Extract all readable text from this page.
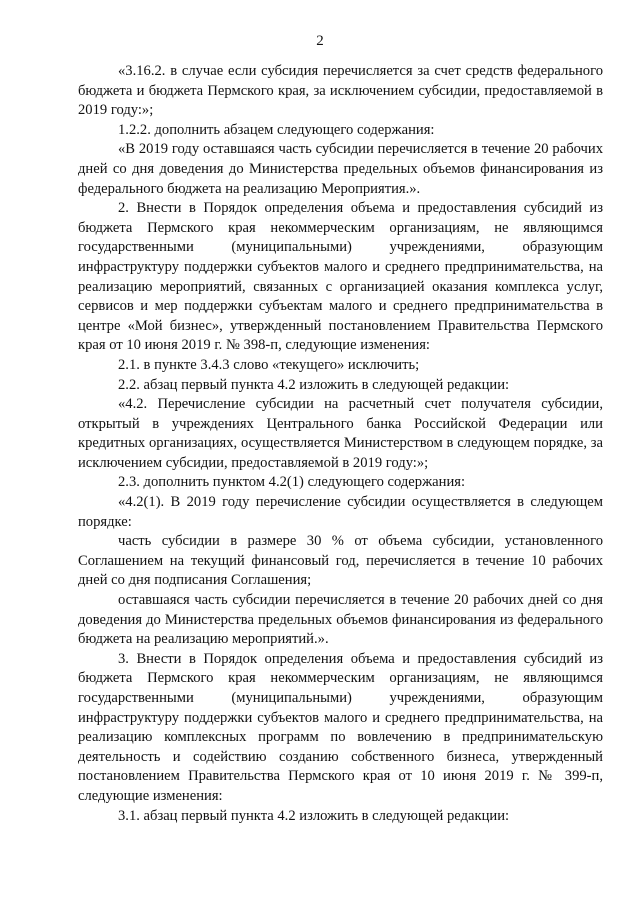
2

«3.16.2. в случае если субсидия перечисляется за счет средств федерального бюджета и бюджета Пермского края, за исключением субсидии, предоставляемой в 2019 году:»;

1.2.2. дополнить абзацем следующего содержания:

«В 2019 году оставшаяся часть субсидии перечисляется в течение 20 рабочих дней со дня доведения до Министерства предельных объемов финансирования из федерального бюджета на реализацию Мероприятия.».

2. Внести в Порядок определения объема и предоставления субсидий из бюджета Пермского края некоммерческим организациям, не являющимся государственными (муниципальными) учреждениями, образующим инфраструктуру поддержки субъектов малого и среднего предпринимательства, на реализацию мероприятий, связанных с организацией оказания комплекса услуг, сервисов и мер поддержки субъектам малого и среднего предпринимательства в центре «Мой бизнес», утвержденный постановлением Правительства Пермского края от 10 июня 2019 г. № 398-п, следующие изменения:

2.1. в пункте 3.4.3 слово «текущего» исключить;

2.2. абзац первый пункта 4.2 изложить в следующей редакции:

«4.2. Перечисление субсидии на расчетный счет получателя субсидии, открытый в учреждениях Центрального банка Российской Федерации или кредитных организациях, осуществляется Министерством в следующем порядке, за исключением субсидии, предоставляемой в 2019 году:»;

2.3. дополнить пунктом 4.2(1) следующего содержания:

«4.2(1). В 2019 году перечисление субсидии осуществляется в следующем порядке:

часть субсидии в размере 30 % от объема субсидии, установленного Соглашением на текущий финансовый год, перечисляется в течение 10 рабочих дней со дня подписания Соглашения;

оставшаяся часть субсидии перечисляется в течение 20 рабочих дней со дня доведения до Министерства предельных объемов финансирования из федерального бюджета на реализацию мероприятий.».

3. Внести в Порядок определения объема и предоставления субсидий из бюджета Пермского края некоммерческим организациям, не являющимся государственными (муниципальными) учреждениями, образующим инфраструктуру поддержки субъектов малого и среднего предпринимательства, на реализацию комплексных программ по вовлечению в предпринимательскую деятельность и содействию созданию собственного бизнеса, утвержденный постановлением Правительства Пермского края от 10 июня 2019 г. № 399-п, следующие изменения:

3.1. абзац первый пункта 4.2 изложить в следующей редакции:
